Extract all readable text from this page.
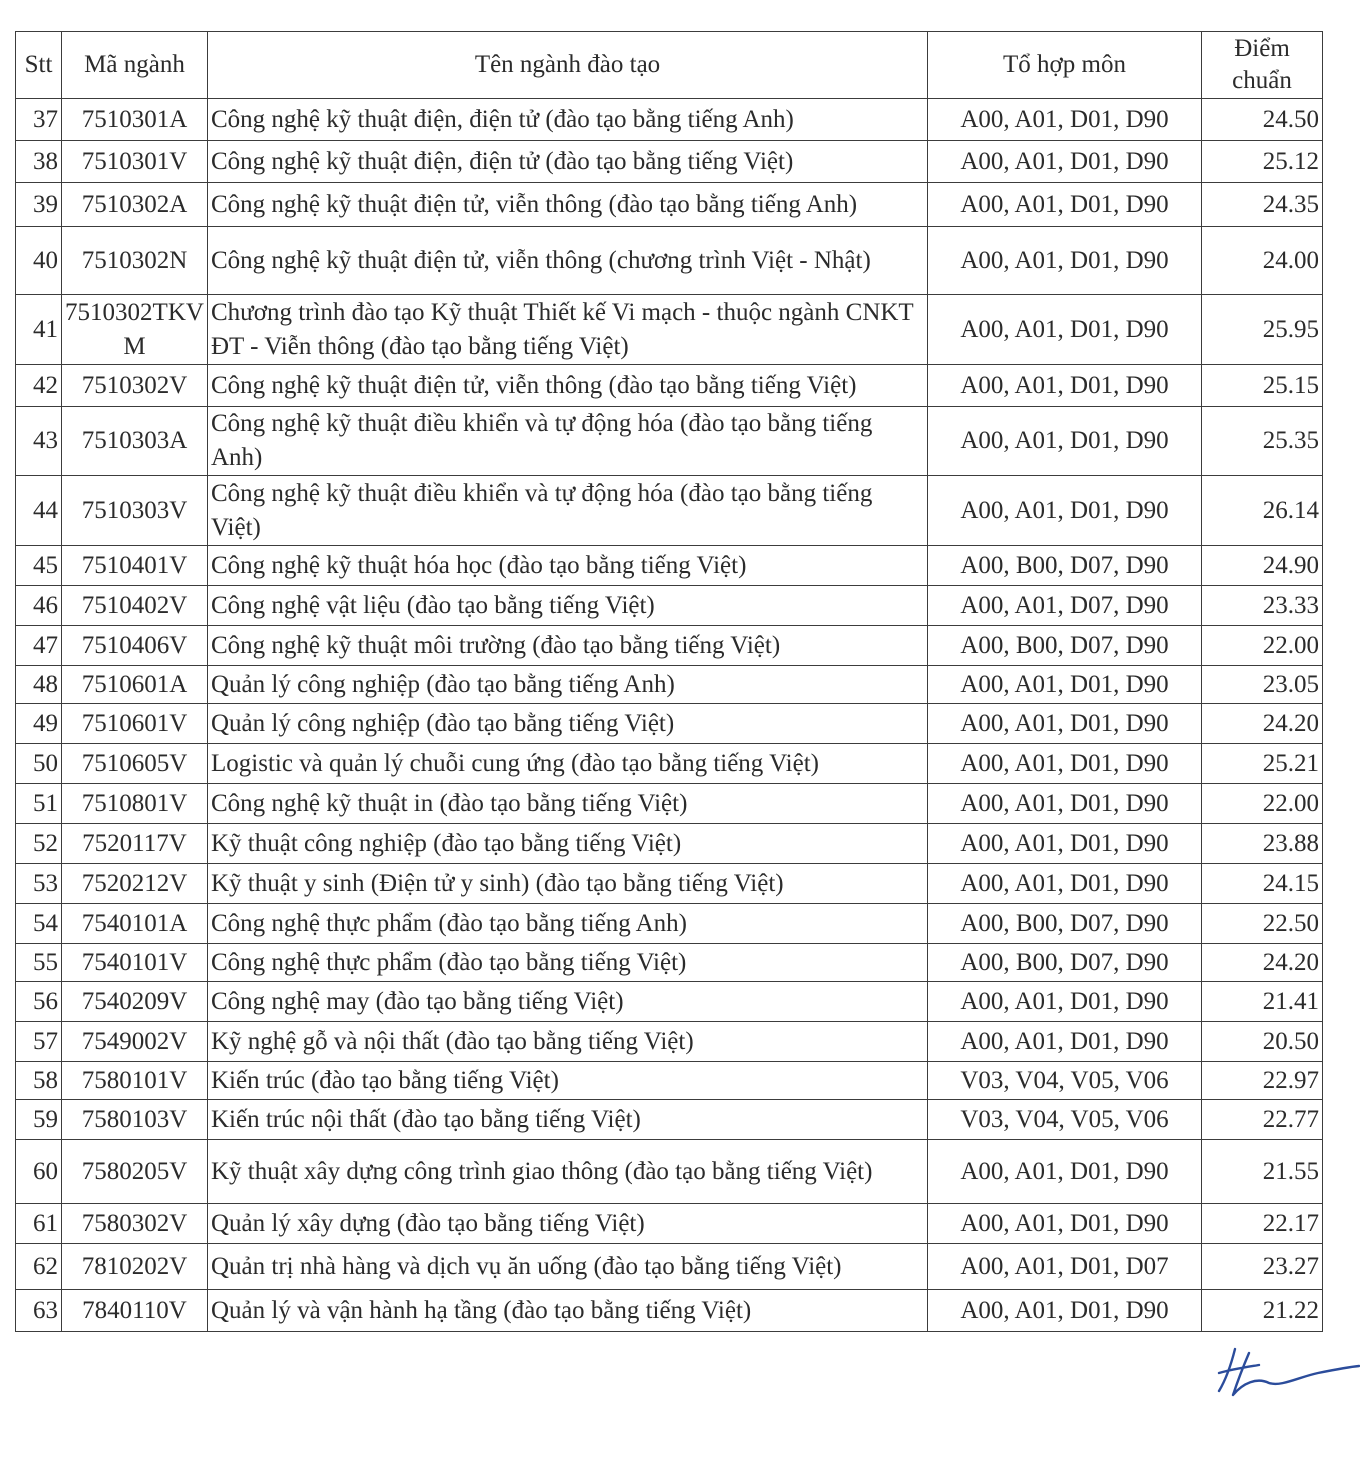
Stt	Mã ngành	Tên ngành đào tạo	Tổ hợp môn	Điểm chuẩn
37	7510301A	Công nghệ kỹ thuật điện, điện tử (đào tạo bằng tiếng Anh)	A00, A01, D01, D90	24.50
38	7510301V	Công nghệ kỹ thuật điện, điện tử (đào tạo bằng tiếng Việt)	A00, A01, D01, D90	25.12
39	7510302A	Công nghệ kỹ thuật điện tử, viễn thông (đào tạo bằng tiếng Anh)	A00, A01, D01, D90	24.35
40	7510302N	Công nghệ kỹ thuật điện tử, viễn thông (chương trình Việt - Nhật)	A00, A01, D01, D90	24.00
41	7510302TKVM	Chương trình đào tạo Kỹ thuật Thiết kế Vi mạch - thuộc ngành CNKT ĐT - Viễn thông (đào tạo bằng tiếng Việt)	A00, A01, D01, D90	25.95
42	7510302V	Công nghệ kỹ thuật điện tử, viễn thông (đào tạo bằng tiếng Việt)	A00, A01, D01, D90	25.15
43	7510303A	Công nghệ kỹ thuật điều khiển và tự động hóa (đào tạo bằng tiếng Anh)	A00, A01, D01, D90	25.35
44	7510303V	Công nghệ kỹ thuật điều khiển và tự động hóa (đào tạo bằng tiếng Việt)	A00, A01, D01, D90	26.14
45	7510401V	Công nghệ kỹ thuật hóa học (đào tạo bằng tiếng Việt)	A00, B00, D07, D90	24.90
46	7510402V	Công nghệ vật liệu (đào tạo bằng tiếng Việt)	A00, A01, D07, D90	23.33
47	7510406V	Công nghệ kỹ thuật môi trường (đào tạo bằng tiếng Việt)	A00, B00, D07, D90	22.00
48	7510601A	Quản lý công nghiệp (đào tạo bằng tiếng Anh)	A00, A01, D01, D90	23.05
49	7510601V	Quản lý công nghiệp (đào tạo bằng tiếng Việt)	A00, A01, D01, D90	24.20
50	7510605V	Logistic và quản lý chuỗi cung ứng (đào tạo bằng tiếng Việt)	A00, A01, D01, D90	25.21
51	7510801V	Công nghệ kỹ thuật in (đào tạo bằng tiếng Việt)	A00, A01, D01, D90	22.00
52	7520117V	Kỹ thuật công nghiệp (đào tạo bằng tiếng Việt)	A00, A01, D01, D90	23.88
53	7520212V	Kỹ thuật y sinh (Điện tử y sinh) (đào tạo bằng tiếng Việt)	A00, A01, D01, D90	24.15
54	7540101A	Công nghệ thực phẩm (đào tạo bằng tiếng Anh)	A00, B00, D07, D90	22.50
55	7540101V	Công nghệ thực phẩm (đào tạo bằng tiếng Việt)	A00, B00, D07, D90	24.20
56	7540209V	Công nghệ may (đào tạo bằng tiếng Việt)	A00, A01, D01, D90	21.41
57	7549002V	Kỹ nghệ gỗ và nội thất (đào tạo bằng tiếng Việt)	A00, A01, D01, D90	20.50
58	7580101V	Kiến trúc (đào tạo bằng tiếng Việt)	V03, V04, V05, V06	22.97
59	7580103V	Kiến trúc nội thất (đào tạo bằng tiếng Việt)	V03, V04, V05, V06	22.77
60	7580205V	Kỹ thuật xây dựng công trình giao thông (đào tạo bằng tiếng Việt)	A00, A01, D01, D90	21.55
61	7580302V	Quản lý xây dựng (đào tạo bằng tiếng Việt)	A00, A01, D01, D90	22.17
62	7810202V	Quản trị nhà hàng và dịch vụ ăn uống (đào tạo bằng tiếng Việt)	A00, A01, D01, D07	23.27
63	7840110V	Quản lý và vận hành hạ tầng (đào tạo bằng tiếng Việt)	A00, A01, D01, D90	21.22
